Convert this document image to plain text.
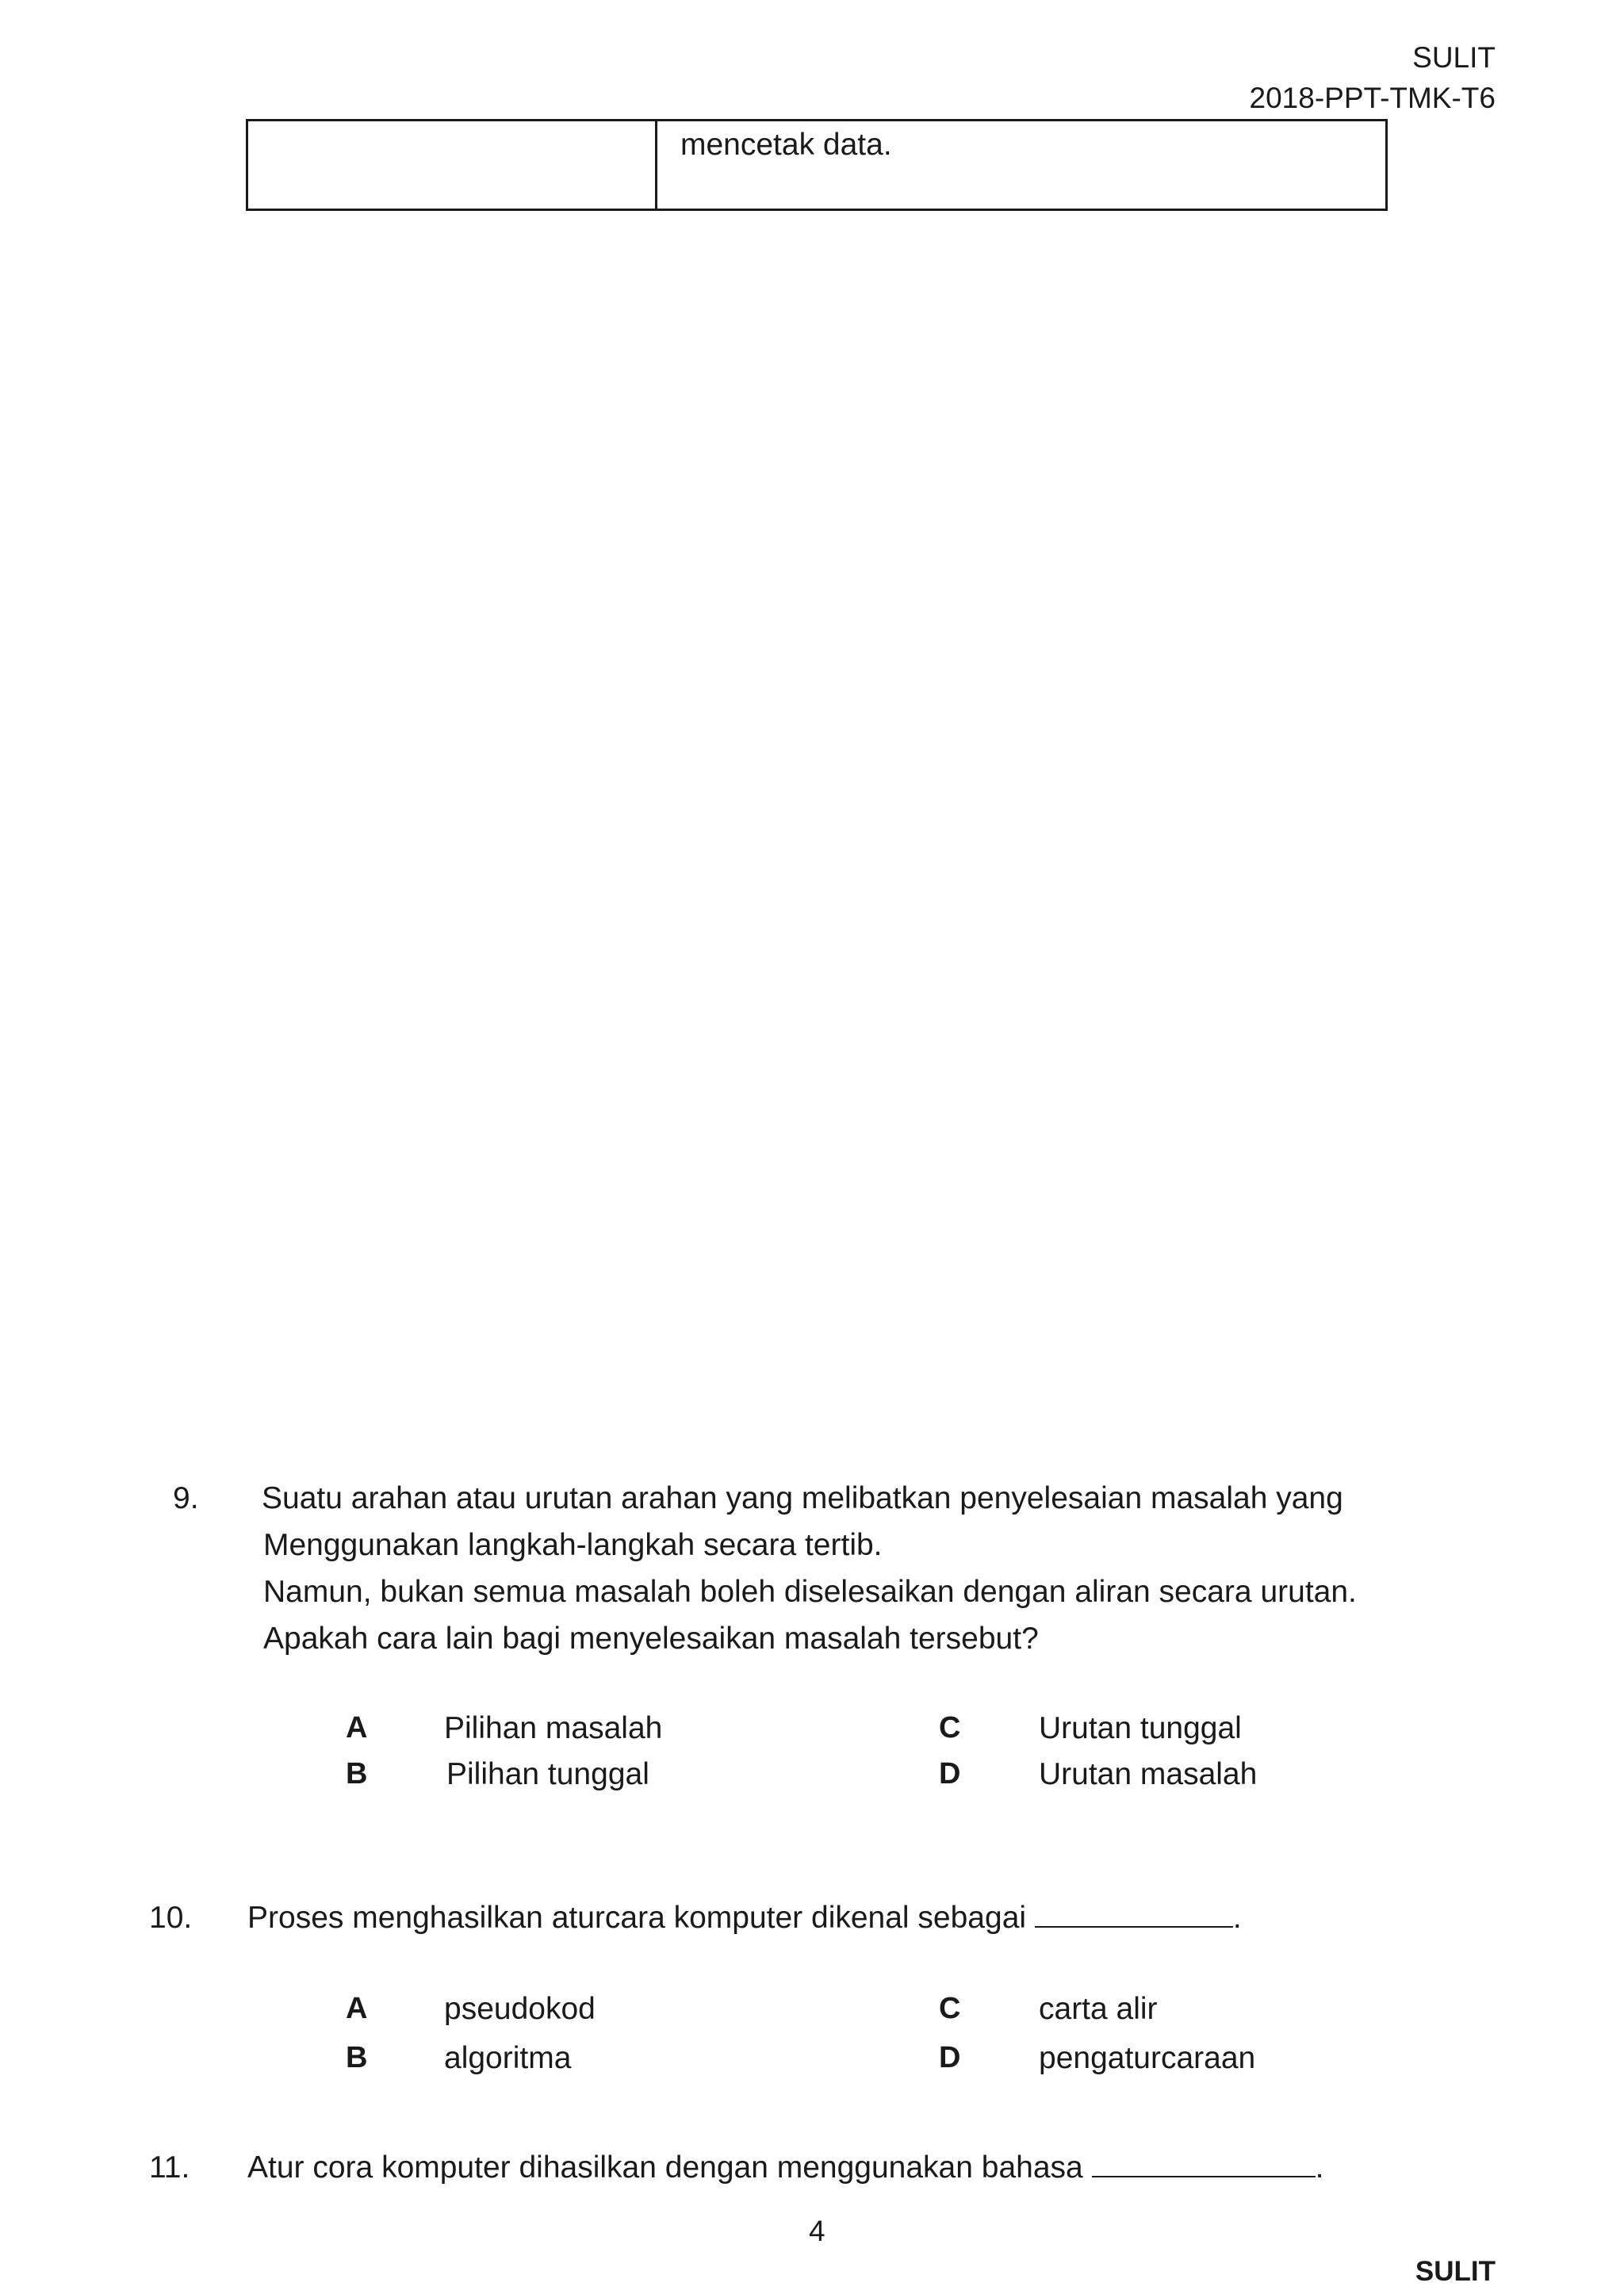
SULIT
2018-PPT-TMK-T6
mencetak data.
9. Suatu arahan atau urutan arahan yang melibatkan penyelesaian masalah yang
Menggunakan langkah-langkah secara tertib.
Namun, bukan semua masalah boleh diselesaikan dengan aliran secara urutan.
Apakah cara lain bagi menyelesaikan masalah tersebut?
A Pilihan masalah
B	Pilihan tunggal
C	Urutan tunggal
D	Urutan masalah
10. Proses menghasilkan aturcara komputer dikenal sebagai	.
A pseudokod
B algoritma
C	carta alir
D	pengaturcaraan
11. Atur cora komputer dihasilkan dengan menggunakan bahasa	.
4
SULIT
